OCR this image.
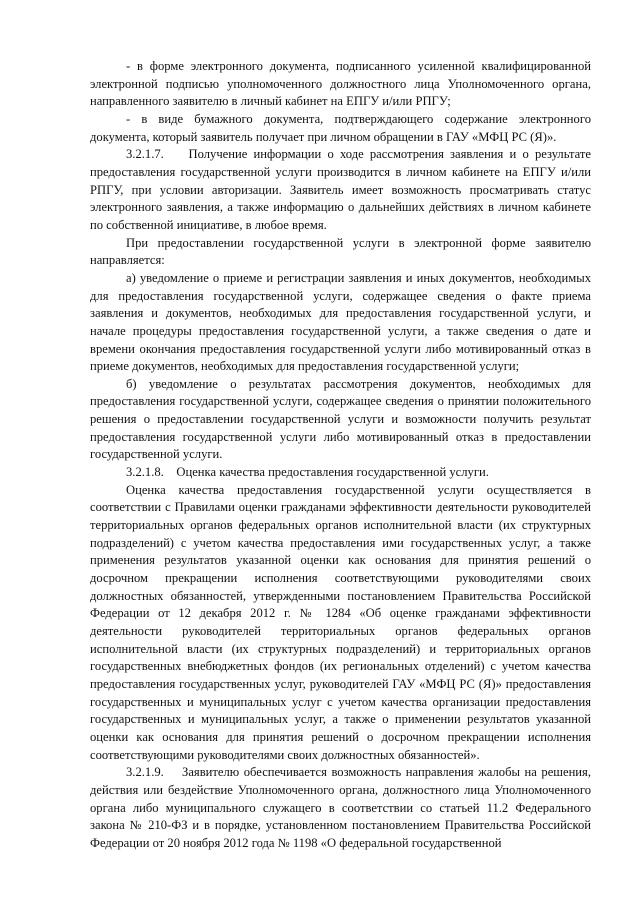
- в форме электронного документа, подписанного усиленной квалифицированной электронной подписью уполномоченного должностного лица Уполномоченного органа, направленного заявителю в личный кабинет на ЕПГУ и/или РПГУ;

- в виде бумажного документа, подтверждающего содержание электронного документа, который заявитель получает при личном обращении в ГАУ «МФЦ РС (Я)».

3.2.1.7.    Получение информации о ходе рассмотрения заявления и о результате предоставления государственной услуги производится в личном кабинете на ЕПГУ и/или РПГУ, при условии авторизации. Заявитель имеет возможность просматривать статус электронного заявления, а также информацию о дальнейших действиях в личном кабинете по собственной инициативе, в любое время.

При предоставлении государственной услуги в электронной форме заявителю направляется:

а) уведомление о приеме и регистрации заявления и иных документов, необходимых для предоставления государственной услуги, содержащее сведения о факте приема заявления и документов, необходимых для предоставления государственной услуги, и начале процедуры предоставления государственной услуги, а также сведения о дате и времени окончания предоставления государственной услуги либо мотивированный отказ в приеме документов, необходимых для предоставления государственной услуги;

б) уведомление о результатах рассмотрения документов, необходимых для предоставления государственной услуги, содержащее сведения о принятии положительного решения о предоставлении государственной услуги и возможности получить результат предоставления государственной услуги либо мотивированный отказ в предоставлении государственной услуги.

3.2.1.8.    Оценка качества предоставления государственной услуги.

Оценка качества предоставления государственной услуги осуществляется в соответствии с Правилами оценки гражданами эффективности деятельности руководителей территориальных органов федеральных органов исполнительной власти (их структурных подразделений) с учетом качества предоставления ими государственных услуг, а также применения результатов указанной оценки как основания для принятия решений о досрочном прекращении исполнения соответствующими руководителями своих должностных обязанностей, утвержденными постановлением Правительства Российской Федерации от 12 декабря 2012 г. № 1284 «Об оценке гражданами эффективности деятельности руководителей территориальных органов федеральных органов исполнительной власти (их структурных подразделений) и территориальных органов государственных внебюджетных фондов (их региональных отделений) с учетом качества предоставления государственных услуг, руководителей ГАУ «МФЦ РС (Я)» предоставления государственных и муниципальных услуг с учетом качества организации предоставления государственных и муниципальных услуг, а также о применении результатов указанной оценки как основания для принятия решений о досрочном прекращении исполнения соответствующими руководителями своих должностных обязанностей».

3.2.1.9.    Заявителю обеспечивается возможность направления жалобы на решения, действия или бездействие Уполномоченного органа, должностного лица Уполномоченного органа либо муниципального служащего в соответствии со статьей 11.2 Федерального закона № 210-ФЗ и в порядке, установленном постановлением Правительства Российской Федерации от 20 ноября 2012 года № 1198 «О федеральной государственной
